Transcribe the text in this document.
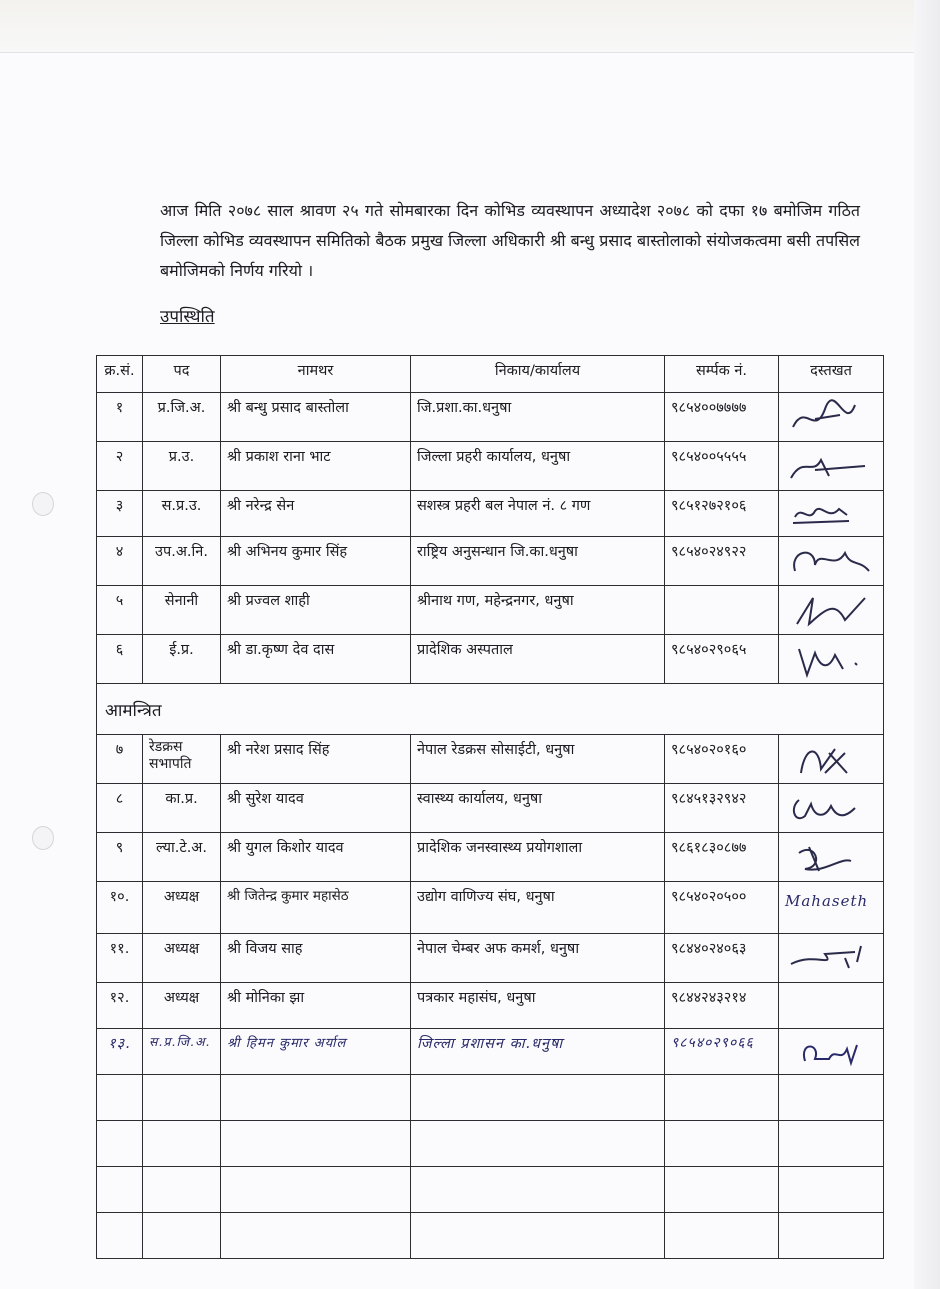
आज मिति २०७८ साल श्रावण २५ गते सोमबारका दिन कोभिड व्यवस्थापन अध्यादेश २०७८ को दफा १७ बमोजिम गठित जिल्ला कोभिड व्यवस्थापन समितिको बैठक प्रमुख जिल्ला अधिकारी श्री बन्धु प्रसाद बास्तोलाको संयोजकत्वमा बसी तपसिल बमोजिमको निर्णय गरियो ।

उपस्थिति

क्र.सं.	पद	नामथर	निकाय/कार्यालय	सर्म्पक नं.	दस्तखत
१	प्र.जि.अ.	श्री बन्धु प्रसाद बास्तोला	जि.प्रशा.का.धनुषा	९८५४००७७७७	

२	प्र.उ.	श्री प्रकाश राना भाट	जिल्ला प्रहरी कार्यालय, धनुषा	९८५४००५५५५	

३	स.प्र.उ.	श्री नरेन्द्र सेन	सशस्त्र प्रहरी बल नेपाल नं. ८ गण	९८५१२७२१०६	

४	उप.अ.नि.	श्री अभिनय कुमार सिंह	राष्ट्रिय अनुसन्धान जि.का.धनुषा	९८५४०२४९२२	

५	सेनानी	श्री प्रज्वल शाही	श्रीनाथ गण, महेन्द्रनगर, धनुषा		

६	ई.प्र.	श्री डा.कृष्ण देव दास	प्रादेशिक अस्पताल	९८५४०२९०६५	

आमन्त्रित					
७	रेडक्रस सभापति	श्री नरेश प्रसाद सिंह	नेपाल रेडक्रस सोसाईटी, धनुषा	९८५४०२०१६०	

८	का.प्र.	श्री सुरेश यादव	स्वास्थ्य कार्यालय, धनुषा	९८४५१३२९४२	

९	ल्या.टे.अ.	श्री युगल किशोर यादव	प्रादेशिक जनस्वास्थ्य प्रयोगशाला	९८६१८३०८७७	

१०.	अध्यक्ष	श्री जितेन्द्र कुमार महासेठ	उद्योग वाणिज्य संघ, धनुषा	९८५४०२०५००	Mahaseth
११.	अध्यक्ष	श्री विजय साह	नेपाल चेम्बर अफ कमर्श, धनुषा	९८४४०२४०६३	

१२.	अध्यक्ष	श्री मोनिका झा	पत्रकार महासंघ, धनुषा	९८४४२४३२१४	
१३.	स.प्र.जि.अ.	श्री हिमन कुमार अर्याल	जिल्ला प्रशासन का.धनुषा	९८५४०२९०६६	
